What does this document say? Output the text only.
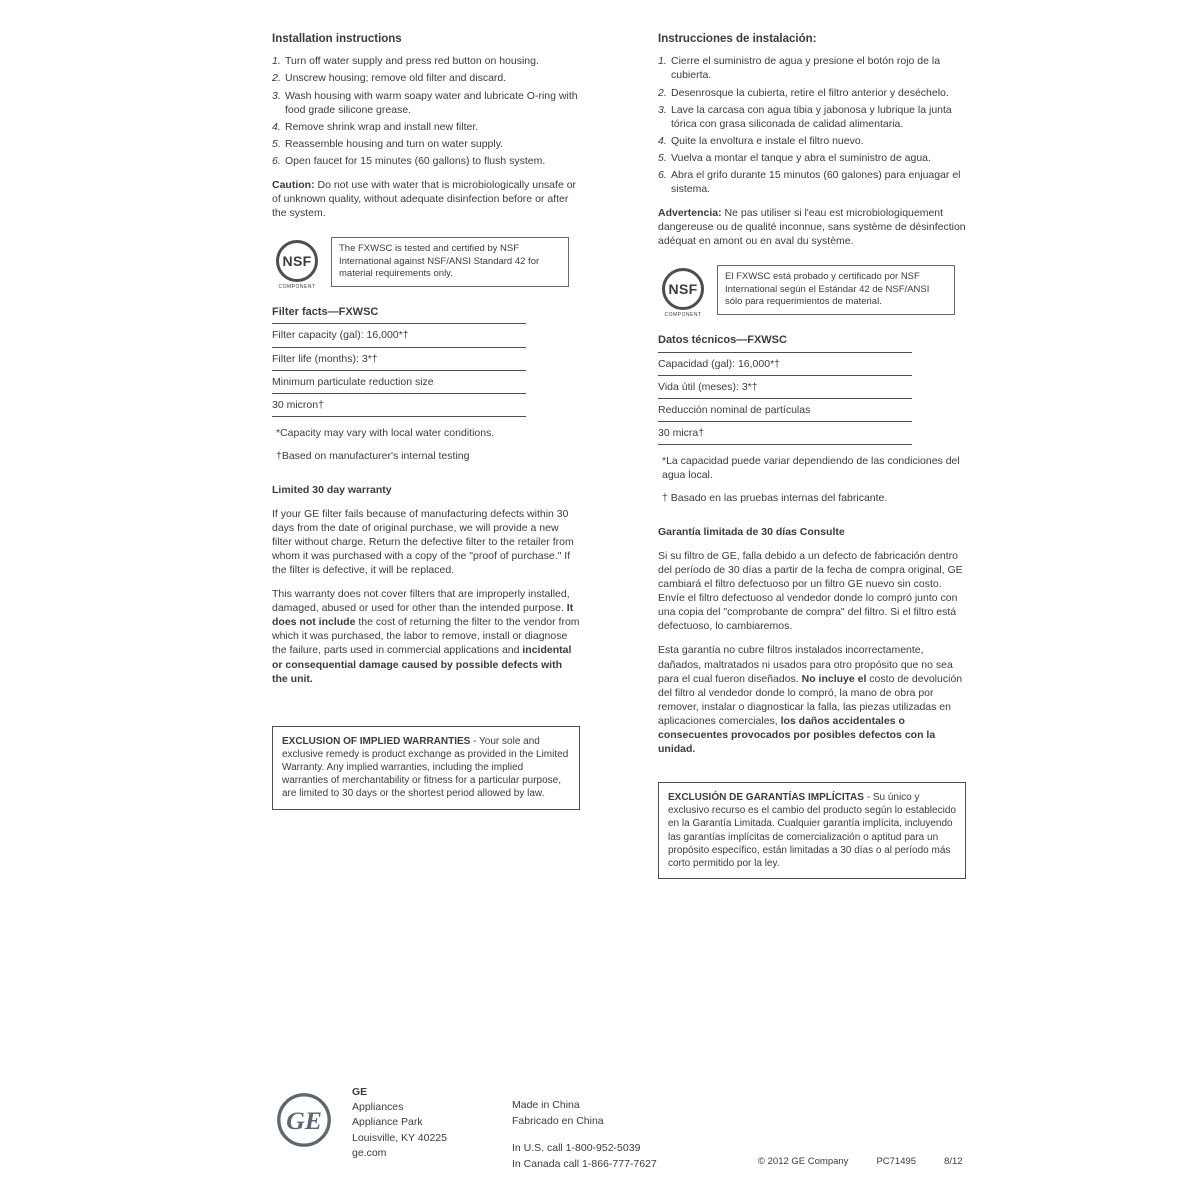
Installation instructions
1. Turn off water supply and press red button on housing.
2. Unscrew housing; remove old filter and discard.
3. Wash housing with warm soapy water and lubricate O-ring with food grade silicone grease.
4. Remove shrink wrap and install new filter.
5. Reassemble housing and turn on water supply.
6. Open faucet for 15 minutes (60 gallons) to flush system.

Caution: Do not use with water that is microbiologically unsafe or of unknown quality, without adequate disinfection before or after the system.

NSF
COMPONENT
The FXWSC is tested and certified by NSF International against NSF/ANSI Standard 42 for material requirements only.
Filter facts—FXWSC
Filter capacity (gal): 16,000*†
Filter life (months): 3*†
Minimum particulate reduction size
30 micron†

*Capacity may vary with local water conditions.

†Based on manufacturer's internal testing

Limited 30 day warranty

If your GE filter fails because of manufacturing defects within 30 days from the date of original purchase, we will provide a new filter without charge. Return the defective filter to the retailer from whom it was purchased with a copy of the "proof of purchase." If the filter is defective, it will be replaced.

This warranty does not cover filters that are improperly installed, damaged, abused or used for other than the intended purpose. It does not include the cost of returning the filter to the vendor from which it was purchased, the labor to remove, install or diagnose the failure, parts used in commercial applications and incidental or consequential damage caused by possible defects with the unit.

EXCLUSION OF IMPLIED WARRANTIES - Your sole and exclusive remedy is product exchange as provided in the Limited Warranty. Any implied warranties, including the implied warranties of merchantability or fitness for a particular purpose, are limited to 30 days or the shortest period allowed by law.
Instrucciones de instalación:
1. Cierre el suministro de agua y presione el botón rojo de la cubierta.
2. Desenrosque la cubierta, retire el filtro anterior y deséchelo.
3. Lave la carcasa con agua tibia y jabonosa y lubrique la junta tórica con grasa siliconada de calidad alimentaria.
4. Quite la envoltura e instale el filtro nuevo.
5. Vuelva a montar el tanque y abra el suministro de agua.
6. Abra el grifo durante 15 minutos (60 galones) para enjuagar el sistema.

Advertencia: Ne pas utiliser si l'eau est microbiologiquement dangereuse ou de qualité inconnue, sans système de désinfection adéquat en amont ou en aval du système.

NSF
COMPONENT
El FXWSC está probado y certificado por NSF International según el Estándar 42 de NSF/ANSI sólo para requerimientos de material.
Datos técnicos—FXWSC
Capacidad (gal): 16,000*†
Vida útil (meses): 3*†
Reducción nominal de partículas
30 micra†

*La capacidad puede variar dependiendo de las condiciones del agua local.

† Basado en las pruebas internas del fabricante.

Garantía limitada de 30 días Consulte

Si su filtro de GE, falla debido a un defecto de fabricación dentro del período de 30 días a partir de la fecha de compra original, GE cambiará el filtro defectuoso por un filtro GE nuevo sin costo. Envíe el filtro defectuoso al vendedor donde lo compró junto con una copia del "comprobante de compra" del filtro. Si el filtro está defectuoso, lo cambiaremos.

Esta garantía no cubre filtros instalados incorrectamente, dañados, maltratados ni usados para otro propósito que no sea para el cual fueron diseñados. No incluye el costo de devolución del filtro al vendedor donde lo compró, la mano de obra por remover, instalar o diagnosticar la falla, las piezas utilizadas en aplicaciones comerciales, los daños accidentales o consecuentes provocados por posibles defectos con la unidad.

EXCLUSIÓN DE GARANTÍAS IMPLÍCITAS - Su único y exclusivo recurso es el cambio del producto según lo establecido en la Garantía Limitada. Cualquier garantía implícita, incluyendo las garantías implícitas de comercialización o aptitud para un propósito específico, están limitadas a 30 días o al período más corto permitido por la ley.
GE
GE
Appliances
Appliance Park
Louisville, KY 40225
ge.com
Made in China
Fabricado en China
In U.S. call 1-800-952-5039
In Canada call 1-866-777-7627	© 2012 GE Company	PC71495	8/12
